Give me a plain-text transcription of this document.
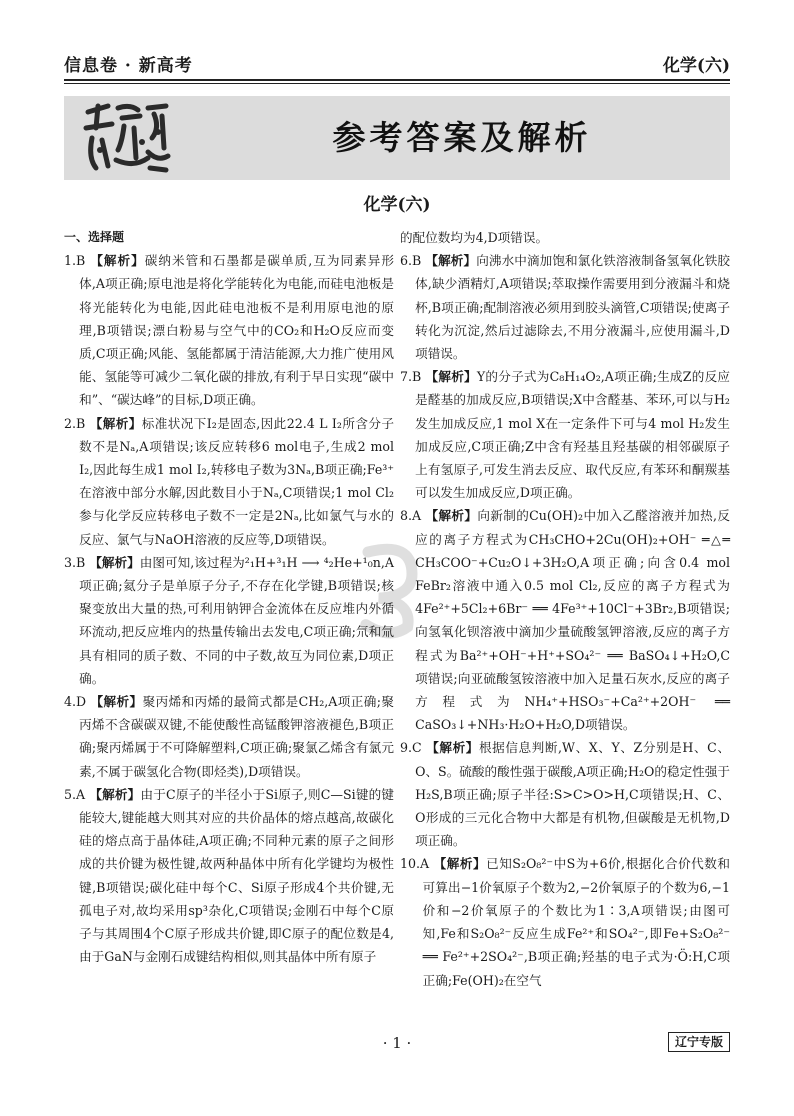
信息卷 · 新高考	化学(六)
参考答案及解析
化学(六)

一、选择题

1.B 【解析】碳纳米管和石墨都是碳单质,互为同素异形体,A项正确;原电池是将化学能转化为电能,而硅电池板是将光能转化为电能,因此硅电池板不是利用原电池的原理,B项错误;漂白粉易与空气中的CO₂和H₂O反应而变质,C项正确;风能、氢能都属于清洁能源,大力推广使用风能、氢能等可减少二氧化碳的排放,有利于早日实现“碳中和”、“碳达峰”的目标,D项正确。

2.B 【解析】标准状况下I₂是固态,因此22.4 L I₂所含分子数不是Nₐ,A项错误;该反应转移6 mol电子,生成2 mol I₂,因此每生成1 mol I₂,转移电子数为3Nₐ,B项正确;Fe³⁺在溶液中部分水解,因此数目小于Nₐ,C项错误;1 mol Cl₂参与化学反应转移电子数不一定是2Nₐ,比如氯气与水的反应、氯气与NaOH溶液的反应等,D项错误。

3.B 【解析】由图可知,该过程为²₁H+³₁H ⟶ ⁴₂He+¹₀n,A项正确;氦分子是单原子分子,不存在化学键,B项错误;核聚变放出大量的热,可利用钠钾合金流体在反应堆内外循环流动,把反应堆内的热量传输出去发电,C项正确;氘和氚具有相同的质子数、不同的中子数,故互为同位素,D项正确。

4.D 【解析】聚丙烯和丙烯的最简式都是CH₂,A项正确;聚丙烯不含碳碳双键,不能使酸性高锰酸钾溶液褪色,B项正确;聚丙烯属于不可降解塑料,C项正确;聚氯乙烯含有氯元素,不属于碳氢化合物(即烃类),D项错误。

5.A 【解析】由于C原子的半径小于Si原子,则C—Si键的键能较大,键能越大则其对应的共价晶体的熔点越高,故碳化硅的熔点高于晶体硅,A项正确;不同种元素的原子之间形成的共价键为极性键,故两种晶体中所有化学键均为极性键,B项错误;碳化硅中每个C、Si原子形成4个共价键,无孤电子对,故均采用sp³杂化,C项错误;金刚石中每个C原子与其周围4个C原子形成共价键,即C原子的配位数是4,由于GaN与金刚石成键结构相似,则其晶体中所有原子

的配位数均为4,D项错误。

6.B 【解析】向沸水中滴加饱和氯化铁溶液制备氢氧化铁胶体,缺少酒精灯,A项错误;萃取操作需要用到分液漏斗和烧杯,B项正确;配制溶液必须用到胶头滴管,C项错误;使离子转化为沉淀,然后过滤除去,不用分液漏斗,应使用漏斗,D项错误。

7.B 【解析】Y的分子式为C₈H₁₄O₂,A项正确;生成Z的反应是醛基的加成反应,B项错误;X中含醛基、苯环,可以与H₂发生加成反应,1 mol X在一定条件下可与4 mol H₂发生加成反应,C项正确;Z中含有羟基且羟基碳的相邻碳原子上有氢原子,可发生消去反应、取代反应,有苯环和酮羰基可以发生加成反应,D项正确。

8.A 【解析】向新制的Cu(OH)₂中加入乙醛溶液并加热,反应的离子方程式为CH₃CHO+2Cu(OH)₂+OH⁻ ═△═ CH₃COO⁻+Cu₂O↓+3H₂O,A项正确;向含0.4 mol FeBr₂溶液中通入0.5 mol Cl₂,反应的离子方程式为4Fe²⁺+5Cl₂+6Br⁻ ══ 4Fe³⁺+10Cl⁻+3Br₂,B项错误;向氢氧化钡溶液中滴加少量硫酸氢钾溶液,反应的离子方程式为Ba²⁺+OH⁻+H⁺+SO₄²⁻ ══ BaSO₄↓+H₂O,C项错误;向亚硫酸氢铵溶液中加入足量石灰水,反应的离子方程式为NH₄⁺+HSO₃⁻+Ca²⁺+2OH⁻ ══ CaSO₃↓+NH₃·H₂O+H₂O,D项错误。

9.C 【解析】根据信息判断,W、X、Y、Z分别是H、C、O、S。硫酸的酸性强于碳酸,A项正确;H₂O的稳定性强于H₂S,B项正确;原子半径:S>C>O>H,C项错误;H、C、O形成的三元化合物中大都是有机物,但碳酸是无机物,D项正确。

10.A 【解析】已知S₂O₈²⁻中S为+6价,根据化合价代数和可算出−1价氧原子个数为2,−2价氧原子的个数为6,−1价和−2价氧原子的个数比为1∶3,A项错误;由图可知,Fe和S₂O₈²⁻反应生成Fe²⁺和SO₄²⁻,即Fe+S₂O₈²⁻ ══ Fe²⁺+2SO₄²⁻,B项正确;羟基的电子式为·Ö:H,C项正确;Fe(OH)₂在空气

· 1 ·	辽宁专版
